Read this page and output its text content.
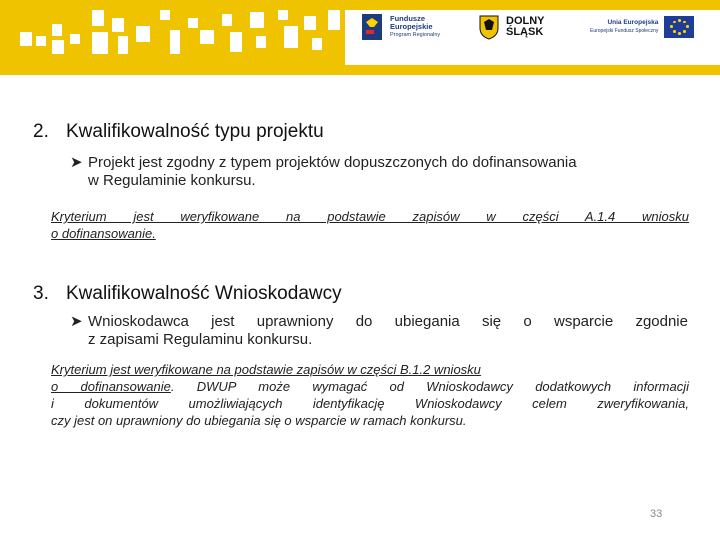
Fundusze
Europejskie
Program Regionalny
DOLNY
ŚLĄSK
Unia Europejska
Europejski Fundusz Społeczny
2. Kwalifikowalność typu projektu
➤ Projekt jest zgodny z typem projektów dopuszczonych do dofinansowania
w Regulaminie konkursu.
Kryterium jest weryfikowane na podstawie zapisów w części A.1.4 wniosku
o dofinansowanie.
3. Kwalifikowalność Wnioskodawcy
➤ Wnioskodawca jest uprawniony do ubiegania się o wsparcie zgodnie
z zapisami Regulaminu konkursu.
Kryterium jest weryfikowane na podstawie zapisów w części B.1.2 wniosku
o dofinansowanie. DWUP może wymagać od Wnioskodawcy dodatkowych informacji
i dokumentów umożliwiających identyfikację Wnioskodawcy celem zweryfikowania,
czy jest on uprawniony do ubiegania się o wsparcie w ramach konkursu.
33
